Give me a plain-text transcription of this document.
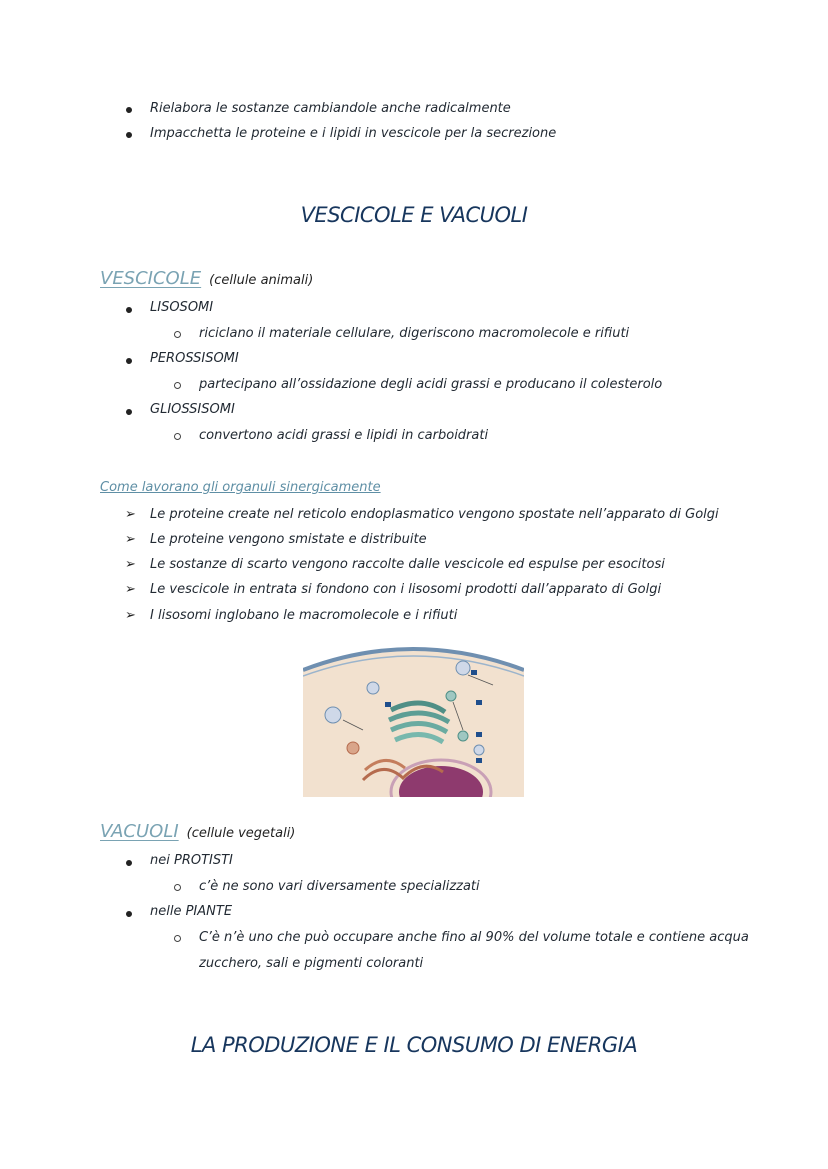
Rielabora le sostanze cambiandole anche radicalmente
Impacchetta le proteine e i lipidi in vescicole per la secrezione
VESCICOLE E VACUOLI
VESCICOLE (cellule animali)
LISOSOMI
riciclano il materiale cellulare, digeriscono macromolecole e rifiuti
PEROSSISOMI
partecipano all’ossidazione degli acidi grassi e producano il colesterolo
GLIOSSISOMI
convertono acidi grassi e lipidi in carboidrati
Come lavorano gli organuli sinergicamente
➢ Le proteine create nel reticolo endoplasmatico vengono spostate nell’apparato di Golgi
➢ Le proteine vengono smistate e distribuite
➢ Le sostanze di scarto vengono raccolte dalle vescicole ed espulse per esocitosi
➢ Le vescicole in entrata si fondono con i lisosomi prodotti dall’apparato di Golgi
➢ I lisosomi inglobano le macromolecole e i rifiuti
VACUOLI (cellule vegetali)
nei PROTISTI
c’è ne sono vari diversamente specializzati
nelle PIANTE
C’è n’è uno che può occupare anche fino al 90% del volume totale e contiene acqua
zucchero, sali e pigmenti coloranti
LA PRODUZIONE E IL CONSUMO DI ENERGIA
